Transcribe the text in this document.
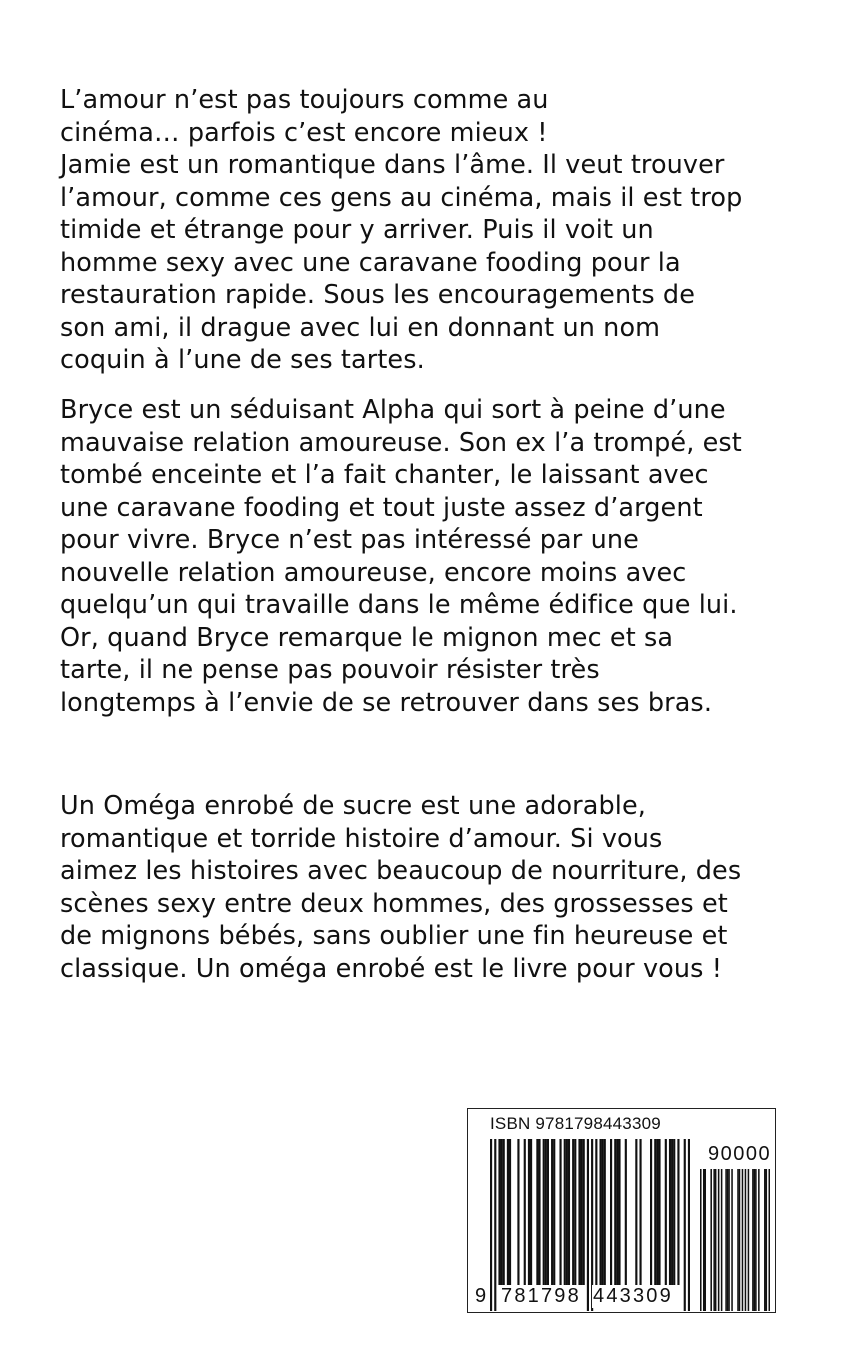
L’amour n’est pas toujours comme au
cinéma… parfois c’est encore mieux !
Jamie est un romantique dans l’âme. Il veut trouver
l’amour, comme ces gens au cinéma, mais il est trop
timide et étrange pour y arriver. Puis il voit un
homme sexy avec une caravane fooding pour la
restauration rapide. Sous les encouragements de
son ami, il drague avec lui en donnant un nom
coquin à l’une de ses tartes.
Bryce est un séduisant Alpha qui sort à peine d’une
mauvaise relation amoureuse. Son ex l’a trompé, est
tombé enceinte et l’a fait chanter, le laissant avec
une caravane fooding et tout juste assez d’argent
pour vivre. Bryce n’est pas intéressé par une
nouvelle relation amoureuse, encore moins avec
quelqu’un qui travaille dans le même édifice que lui.
Or, quand Bryce remarque le mignon mec et sa
tarte, il ne pense pas pouvoir résister très
longtemps à l’envie de se retrouver dans ses bras.
Un Oméga enrobé de sucre est une adorable,
romantique et torride histoire d’amour. Si vous
aimez les histoires avec beaucoup de nourriture, des
scènes sexy entre deux hommes, des grossesses et
de mignons bébés, sans oublier une fin heureuse et
classique. Un oméga enrobé est le livre pour vous !
ISBN 9781798443309
90000
9 781798 443309
